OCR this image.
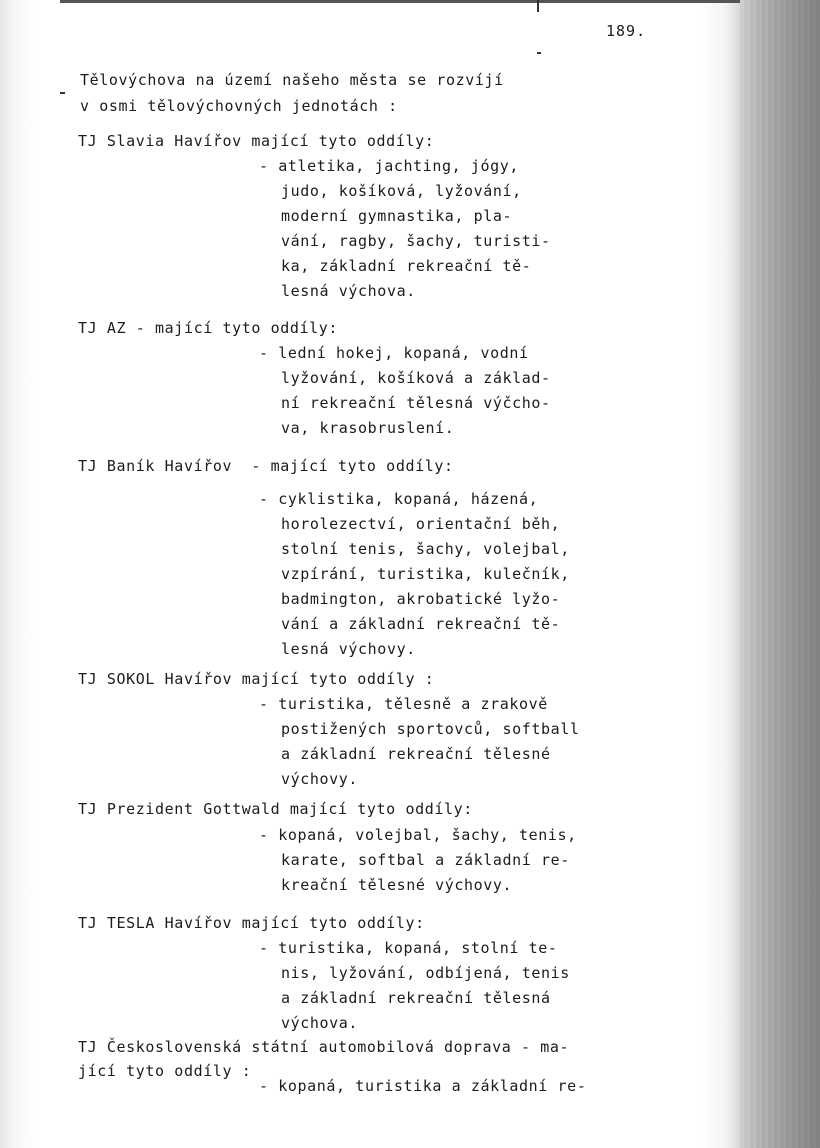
189.
Tělovýchova na území našeho města se rozvíjí
v osmi tělovýchovných jednotách :
TJ Slavia Havířov mající tyto oddíly:
- atletika, jachting, jógy,
judo, košíková, lyžování,
moderní gymnastika, pla-
vání, ragby, šachy, turisti-
ka, základní rekreační tě-
lesná výchova.
TJ AZ - mající tyto oddíly:
- lední hokej, kopaná, vodní
lyžování, košíková a základ-
ní rekreační tělesná výčcho-
va, krasobruslení.
TJ Baník Havířov  - mající tyto oddíly:
- cyklistika, kopaná, házená,
horolezectví, orientační běh,
stolní tenis, šachy, volejbal,
vzpírání, turistika, kulečník,
badmington, akrobatické lyžo-
vání a základní rekreační tě-
lesná výchovy.
TJ SOKOL Havířov mající tyto oddíly :
- turistika, tělesně a zrakově
postižených sportovců, softball
a základní rekreační tělesné
výchovy.
TJ Prezident Gottwald mající tyto oddíly:
- kopaná, volejbal, šachy, tenis,
karate, softbal a základní re-
kreační tělesné výchovy.
TJ TESLA Havířov mající tyto oddíly:
- turistika, kopaná, stolní te-
nis, lyžování, odbíjená, tenis
a základní rekreační tělesná
výchova.
TJ Československá státní automobilová doprava - ma-
jící tyto oddíly :
- kopaná, turistika a základní re-
